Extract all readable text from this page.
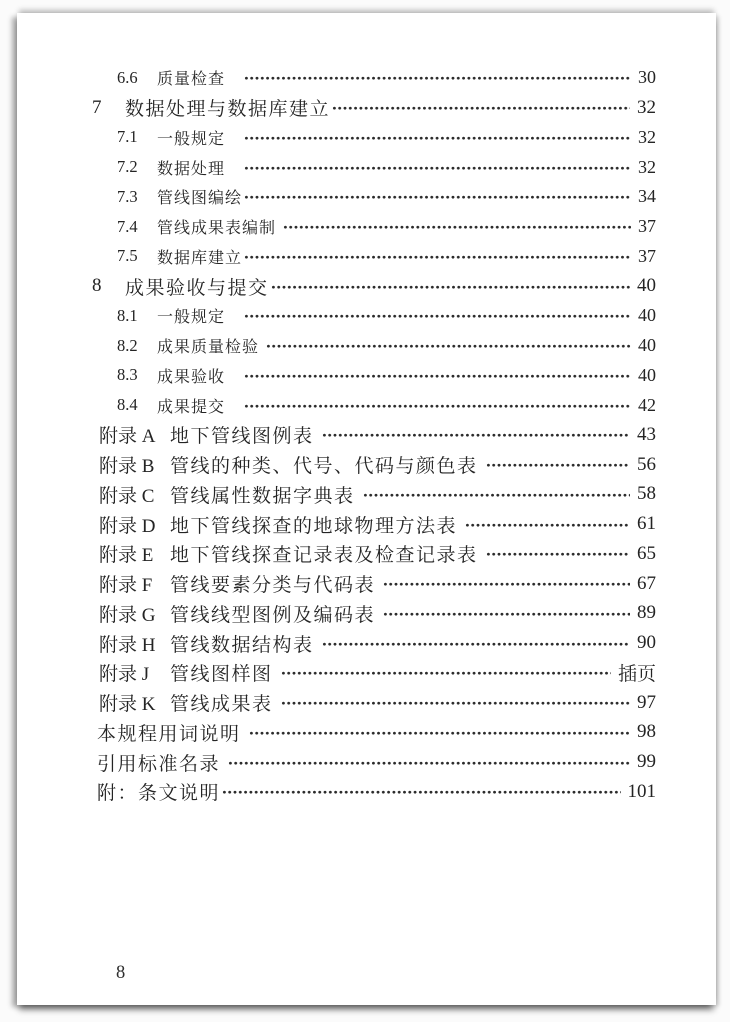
6.6	质量检查　	30
7	数据处理与数据库建立	32
7.1	一般规定　	32
7.2	数据处理　	32
7.3	管线图编绘	34
7.4	管线成果表编制	37
7.5	数据库建立	37
8	成果验收与提交	40
8.1	一般规定　	40
8.2	成果质量检验	40
8.3	成果验收　	40
8.4	成果提交　	42
附录 A 地下管线图例表	43
附录 B 管线的种类、代号、代码与颜色表	56
附录 C 管线属性数据字典表	58
附录 D 地下管线探查的地球物理方法表	61
附录 E 地下管线探查记录表及检查记录表	65
附录 F 管线要素分类与代码表	67
附录 G 管线线型图例及编码表	89
附录 H 管线数据结构表	90
附录 J	管线图样图	插页
附录 K 管线成果表	97
本规程用词说明	98
引用标准名录	99
附：条文说明	101
8
